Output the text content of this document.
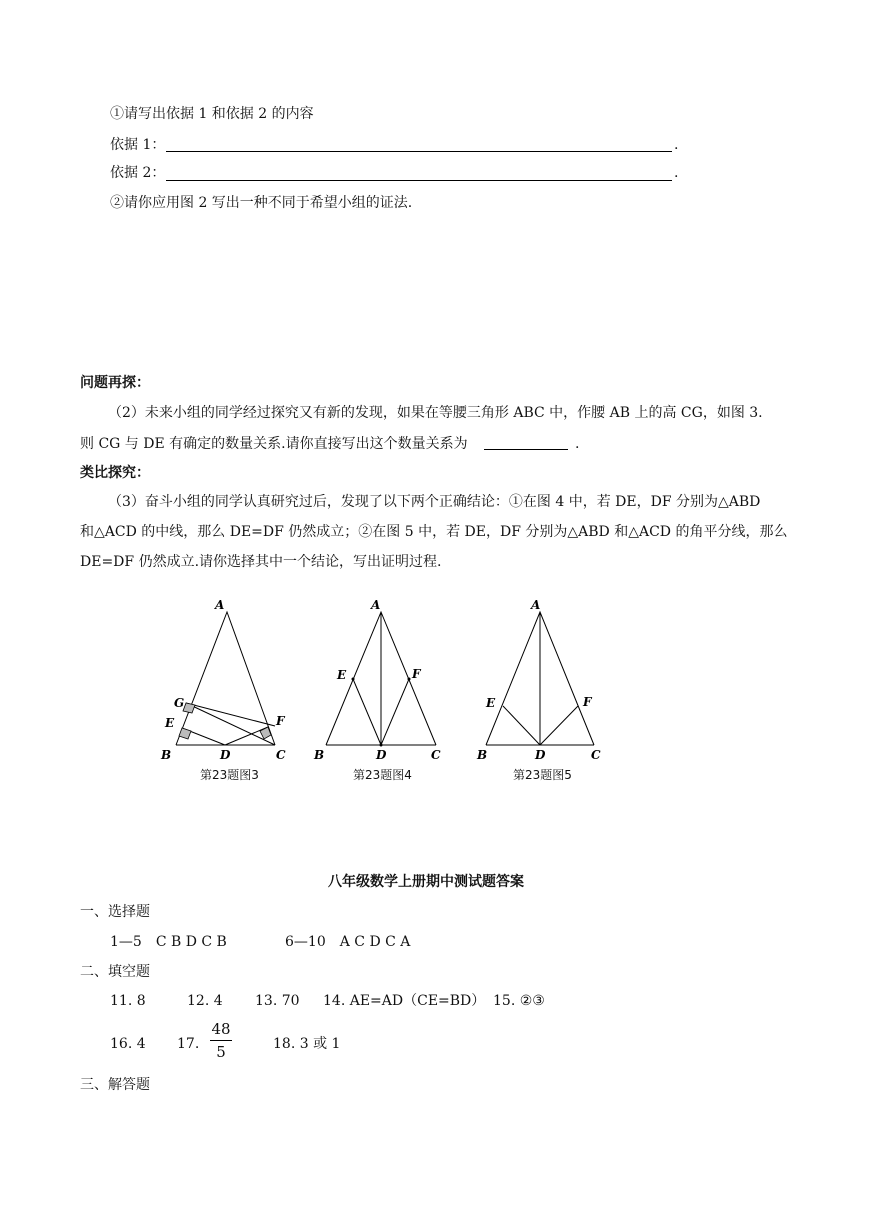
①请写出依据 1 和依据 2 的内容
依据 1：	.
依据 2：	.
②请你应用图 2 写出一种不同于希望小组的证法.
问题再探：
（2）未来小组的同学经过探究又有新的发现，如果在等腰三角形 ABC 中，作腰 AB 上的高 CG，如图 3.
则 CG 与 DE 有确定的数量关系.请你直接写出这个数量关系为	.
类比探究：
（3）奋斗小组的同学认真研究过后，发现了以下两个正确结论：①在图 4 中，若 DE，DF 分别为△ABD
和△ACD 的中线，那么 DE=DF 仍然成立；②在图 5 中，若 DE，DF 分别为△ABD 和△ACD 的角平分线，那么
DE=DF 仍然成立.请你选择其中一个结论，写出证明过程.
A
B	C
D
E	F
G
A
B	C
D
E	F
A
B	C
D
E	F
第23题图3	第23题图4	第23题图5
八年级数学上册期中测试题答案
一、选择题
1—5　C B D C B	6—10　A C D C A
二、填空题
11. 8	12. 4 13. 70 14. AE=AD（CE=BD） 15. ②③
16. 4 17.
48
5	18. 3 或 1
三、解答题
